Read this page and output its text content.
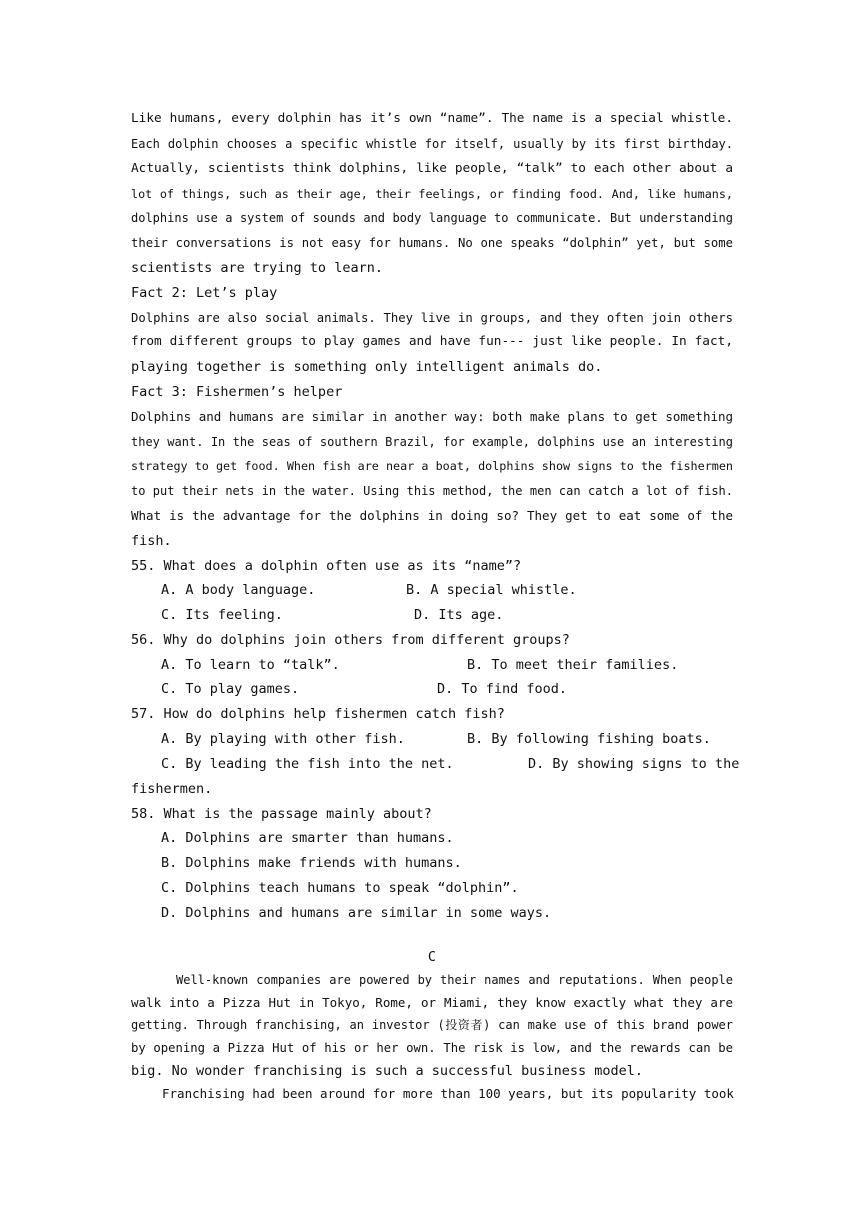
Like humans, every dolphin has it’s own “name”. The name is a special whistle.
Each dolphin chooses a specific whistle for itself, usually by its first birthday.
Actually, scientists think dolphins, like people, “talk” to each other about a
lot of things, such as their age, their feelings, or finding food. And, like humans,
dolphins use a system of sounds and body language to communicate. But understanding
their conversations is not easy for humans. No one speaks “dolphin” yet, but some
scientists are trying to learn.
Fact 2: Let’s play
Dolphins are also social animals. They live in groups, and they often join others
from different groups to play games and have fun--- just like people. In fact,
playing together is something only intelligent animals do.
Fact 3: Fishermen’s helper
Dolphins and humans are similar in another way: both make plans to get something
they want. In the seas of southern Brazil, for example, dolphins use an interesting
strategy to get food. When fish are near a boat, dolphins show signs to the fishermen
to put their nets in the water. Using this method, the men can catch a lot of fish.
What is the advantage for the dolphins in doing so? They get to eat some of the
fish.
55. What does a dolphin often use as its “name”?
A. A body language.	B. A special whistle.
C. Its feeling.	D. Its age.
56. Why do dolphins join others from different groups?
A. To learn to “talk”.	B. To meet their families.
C. To play games.	D. To find food.
57. How do dolphins help fishermen catch fish?
A. By playing with other fish.	B. By following fishing boats.
C. By leading the fish into the net.	D. By showing signs to the
fishermen.
58. What is the passage mainly about?
A. Dolphins are smarter than humans.
B. Dolphins make friends with humans.
C. Dolphins teach humans to speak “dolphin”.
D. Dolphins and humans are similar in some ways.
C
Well-known companies are powered by their names and reputations. When people
walk into a Pizza Hut in Tokyo, Rome, or Miami, they know exactly what they are
getting. Through franchising, an investor (投资者) can make use of this brand power
by opening a Pizza Hut of his or her own. The risk is low, and the rewards can be
big. No wonder franchising is such a successful business model.
Franchising had been around for more than 100 years, but its popularity took
